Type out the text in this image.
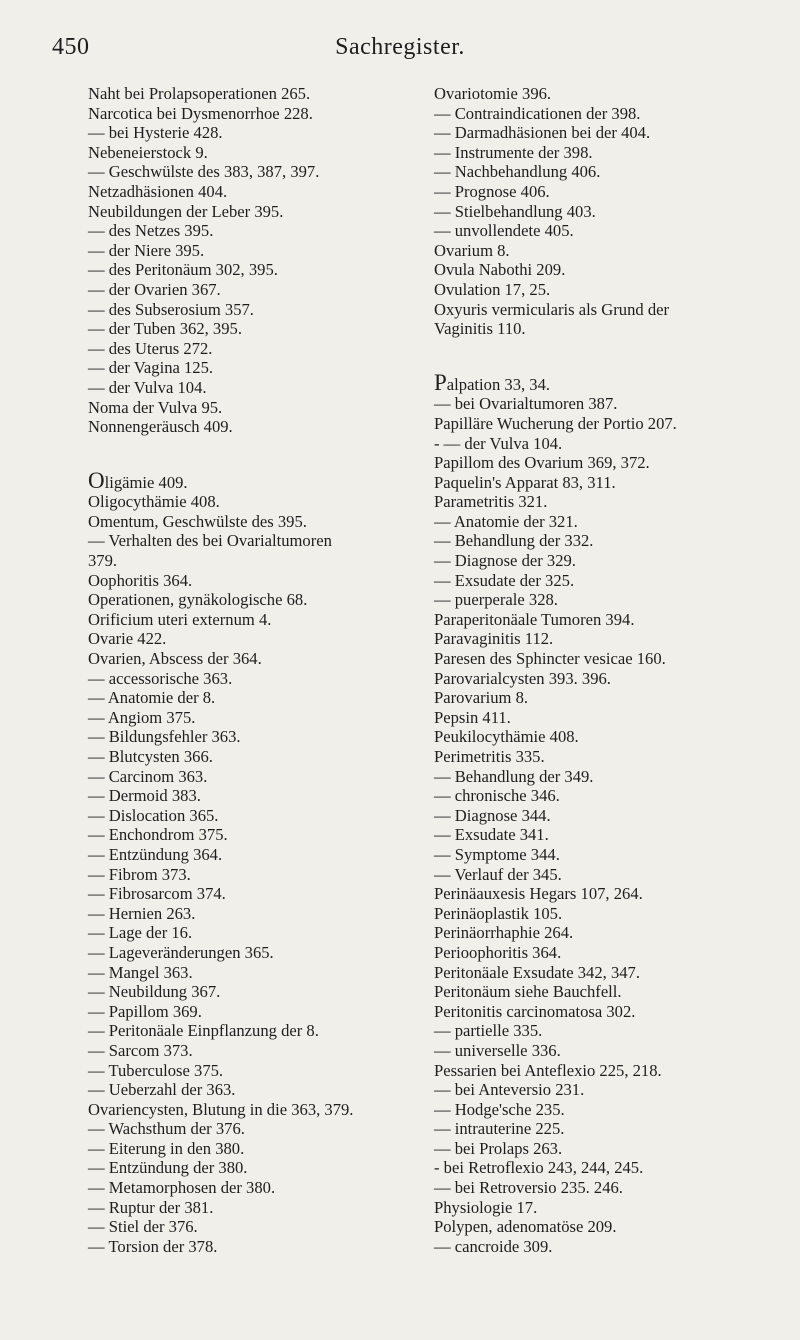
450	Sachregister.
Naht bei Prolapsoperationen 265.
Narcotica bei Dysmenorrhoe 228.
— bei Hysterie 428.
Nebeneierstock 9.
— Geschwülste des 383, 387, 397.
Netzadhäsionen 404.
Neubildungen der Leber 395.
— des Netzes 395.
— der Niere 395.
— des Peritonäum 302, 395.
— der Ovarien 367.
— des Subserosium 357.
— der Tuben 362, 395.
— des Uterus 272.
— der Vagina 125.
— der Vulva 104.
Noma der Vulva 95.
Nonnengeräusch 409.
Oligämie 409.
Oligocythämie 408.
Omentum, Geschwülste des 395.
— Verhalten des bei Ovarialtumoren
379.
Oophoritis 364.
Operationen, gynäkologische 68.
Orificium uteri externum 4.
Ovarie 422.
Ovarien, Abscess der 364.
— accessorische 363.
— Anatomie der 8.
— Angiom 375.
— Bildungsfehler 363.
— Blutcysten 366.
— Carcinom 363.
— Dermoid 383.
— Dislocation 365.
— Enchondrom 375.
— Entzündung 364.
— Fibrom 373.
— Fibrosarcom 374.
— Hernien 263.
— Lage der 16.
— Lageveränderungen 365.
— Mangel 363.
— Neubildung 367.
— Papillom 369.
— Peritonäale Einpflanzung der 8.
— Sarcom 373.
— Tuberculose 375.
— Ueberzahl der 363.
Ovariencysten, Blutung in die 363, 379.
— Wachsthum der 376.
— Eiterung in den 380.
— Entzündung der 380.
— Metamorphosen der 380.
— Ruptur der 381.
— Stiel der 376.
— Torsion der 378.
Ovariotomie 396.
— Contraindicationen der 398.
— Darmadhäsionen bei der 404.
— Instrumente der 398.
— Nachbehandlung 406.
— Prognose 406.
— Stielbehandlung 403.
— unvollendete 405.
Ovarium 8.
Ovula Nabothi 209.
Ovulation 17, 25.
Oxyuris vermicularis als Grund der
Vaginitis 110.
Palpation 33, 34.
— bei Ovarialtumoren 387.
Papilläre Wucherung der Portio 207.
- — der Vulva 104.
Papillom des Ovarium 369, 372.
Paquelin's Apparat 83, 311.
Parametritis 321.
— Anatomie der 321.
— Behandlung der 332.
— Diagnose der 329.
— Exsudate der 325.
— puerperale 328.
Paraperitonäale Tumoren 394.
Paravaginitis 112.
Paresen des Sphincter vesicae 160.
Parovarialcysten 393. 396.
Parovarium 8.
Pepsin 411.
Peukilocythämie 408.
Perimetritis 335.
— Behandlung der 349.
— chronische 346.
— Diagnose 344.
— Exsudate 341.
— Symptome 344.
— Verlauf der 345.
Perinäauxesis Hegars 107, 264.
Perinäoplastik 105.
Perinäorrhaphie 264.
Perioophoritis 364.
Peritonäale Exsudate 342, 347.
Peritonäum siehe Bauchfell.
Peritonitis carcinomatosa 302.
— partielle 335.
— universelle 336.
Pessarien bei Anteflexio 225, 218.
— bei Anteversio 231.
— Hodge'sche 235.
— intrauterine 225.
— bei Prolaps 263.
- bei Retroflexio 243, 244, 245.
— bei Retroversio 235. 246.
Physiologie 17.
Polypen, adenomatöse 209.
— cancroide 309.
